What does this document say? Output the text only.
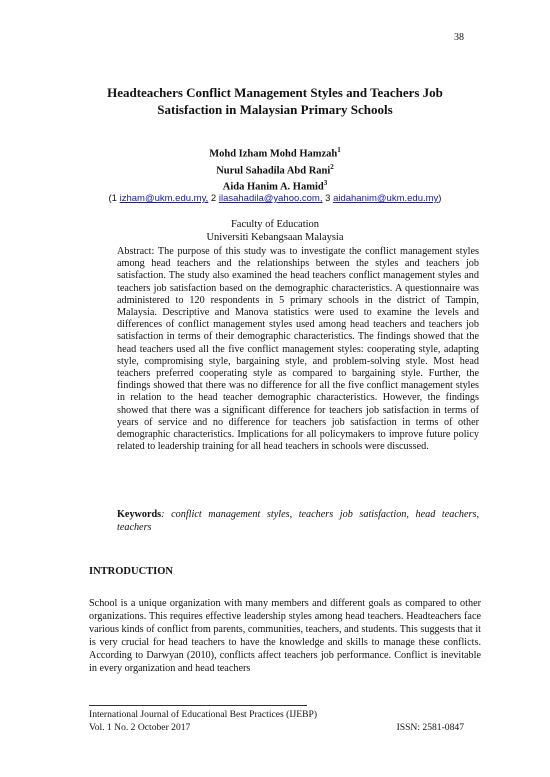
38
Headteachers Conflict Management Styles and Teachers Job
Satisfaction in Malaysian Primary Schools
Mohd Izham Mohd Hamzah$^1$
Nurul Sahadila Abd Rani$^2$
Aida Hanim A. Hamid$^3$
(1 izham@ukm.edu.my, 2 ilasahadila@yahoo.com, 3 aidahanim@ukm.edu.my)
Faculty of Education
Universiti Kebangsaan Malaysia

Abstract: The purpose of this study was to investigate the conflict management styles among head teachers and the relationships between the styles and teachers job satisfaction. The study also examined the head teachers conflict management styles and teachers job satisfaction based on the demographic characteristics. A questionnaire was administered to 120 respondents in 5 primary schools in the district of Tampin, Malaysia. Descriptive and Manova statistics were used to examine the levels and differences of conflict management styles used among head teachers and teachers job satisfaction in terms of their demographic characteristics. The findings showed that the head teachers used all the five conflict management styles: cooperating style, adapting style, compromising style, bargaining style, and problem-solving style. Most head teachers preferred cooperating style as compared to bargaining style. Further, the findings showed that there was no difference for all the five conflict management styles in relation to the head teacher demographic characteristics. However, the findings showed that there was a significant difference for teachers job satisfaction in terms of years of service and no difference for teachers job satisfaction in terms of other demographic characteristics. Implications for all policymakers to improve future policy related to leadership training for all head teachers in schools were discussed.

Keywords: conflict management styles, teachers job satisfaction, head teachers, teachers

INTRODUCTION

School is a unique organization with many members and different goals as compared to other organizations. This requires effective leadership styles among head teachers. Headteachers face various kinds of conflict from parents, communities, teachers, and students. This suggests that it is very crucial for head teachers to have the knowledge and skills to manage these conflicts. According to Darwyan (2010), conflicts affect teachers job performance. Conflict is inevitable in every organization and head teachers

International Journal of Educational Best Practices (IJEBP)
Vol. 1 No. 2 October 2017	ISSN: 2581-0847
